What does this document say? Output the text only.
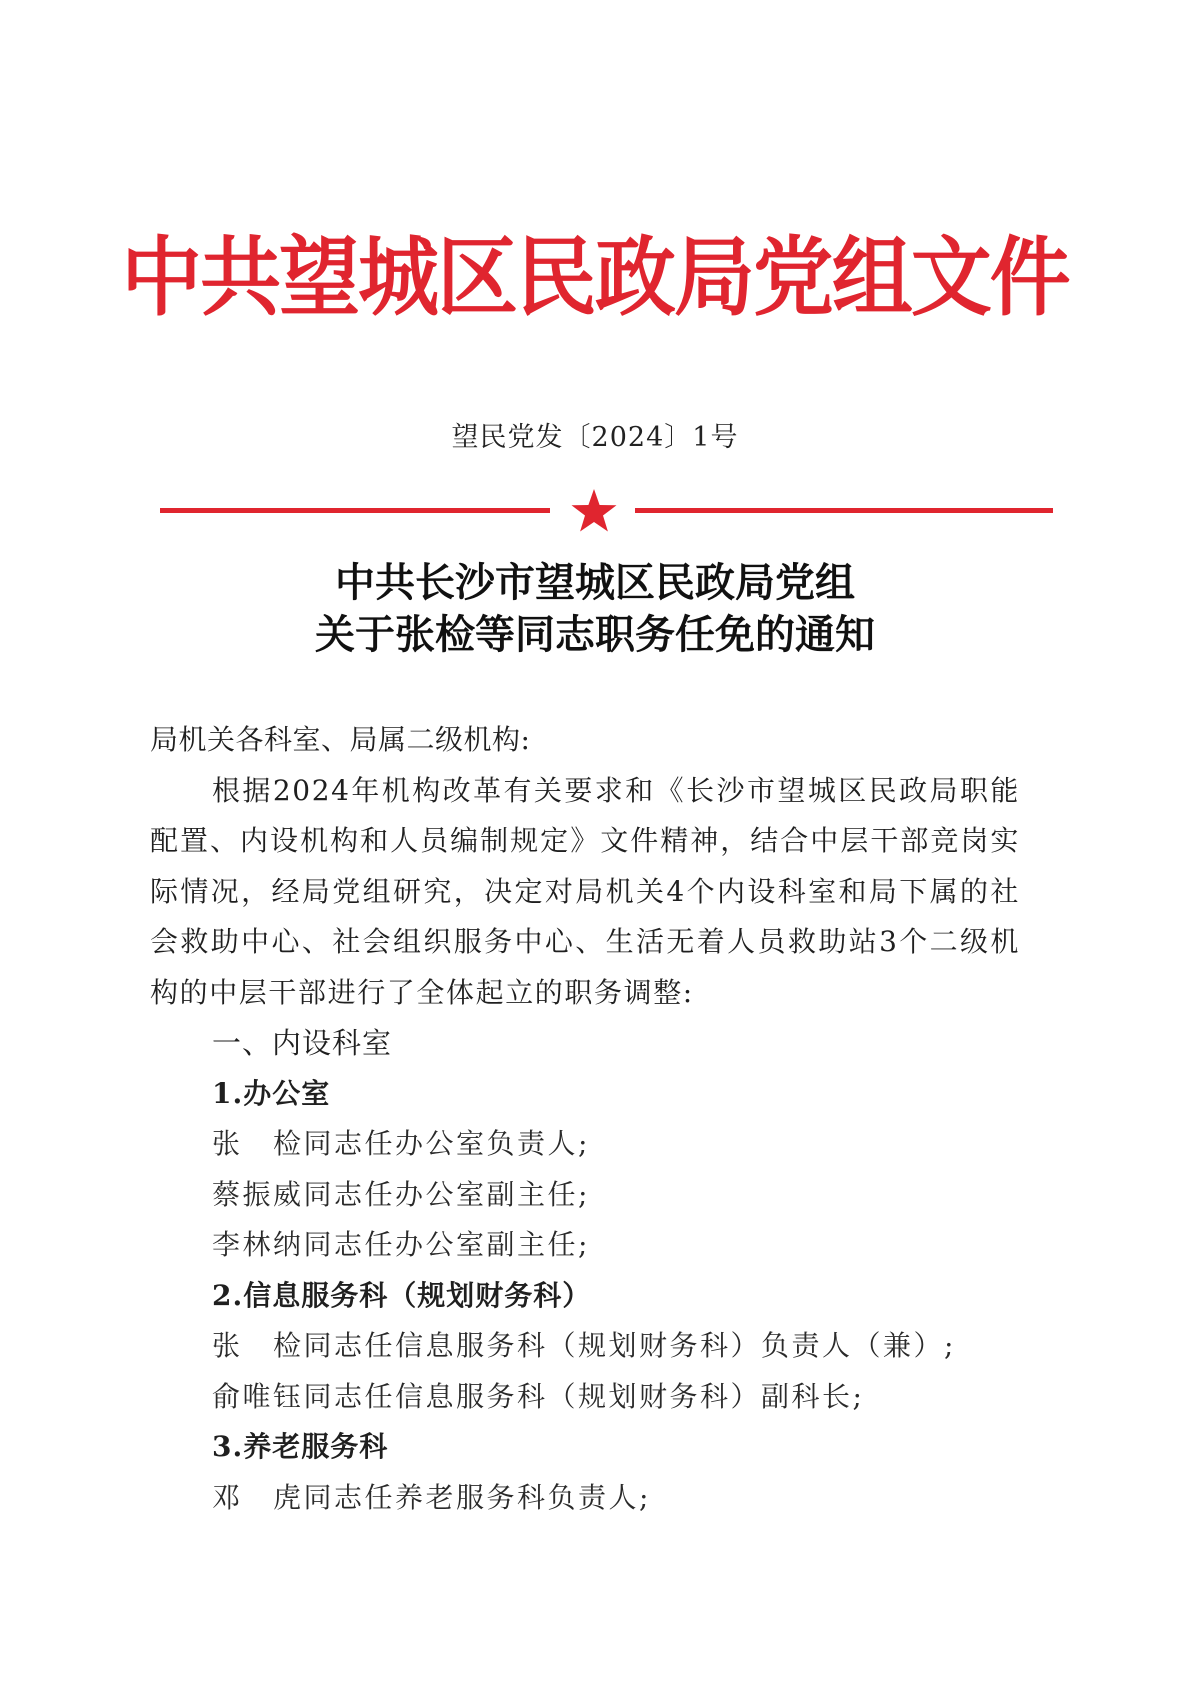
中共望城区民政局党组文件
望民党发〔2024〕1号
中共长沙市望城区民政局党组
关于张检等同志职务任免的通知

局机关各科室、局属二级机构:

根据2024年机构改革有关要求和《长沙市望城区民政局职能配置、内设机构和人员编制规定》文件精神，结合中层干部竞岗实际情况，经局党组研究，决定对局机关4个内设科室和局下属的社会救助中心、社会组织服务中心、生活无着人员救助站3个二级机构的中层干部进行了全体起立的职务调整:

一、内设科室

1.办公室

张　检同志任办公室负责人;

蔡振威同志任办公室副主任;

李林纳同志任办公室副主任;

2.信息服务科（规划财务科）

张　检同志任信息服务科（规划财务科）负责人（兼）;

俞唯钰同志任信息服务科（规划财务科）副科长;

3.养老服务科

邓　虎同志任养老服务科负责人;
